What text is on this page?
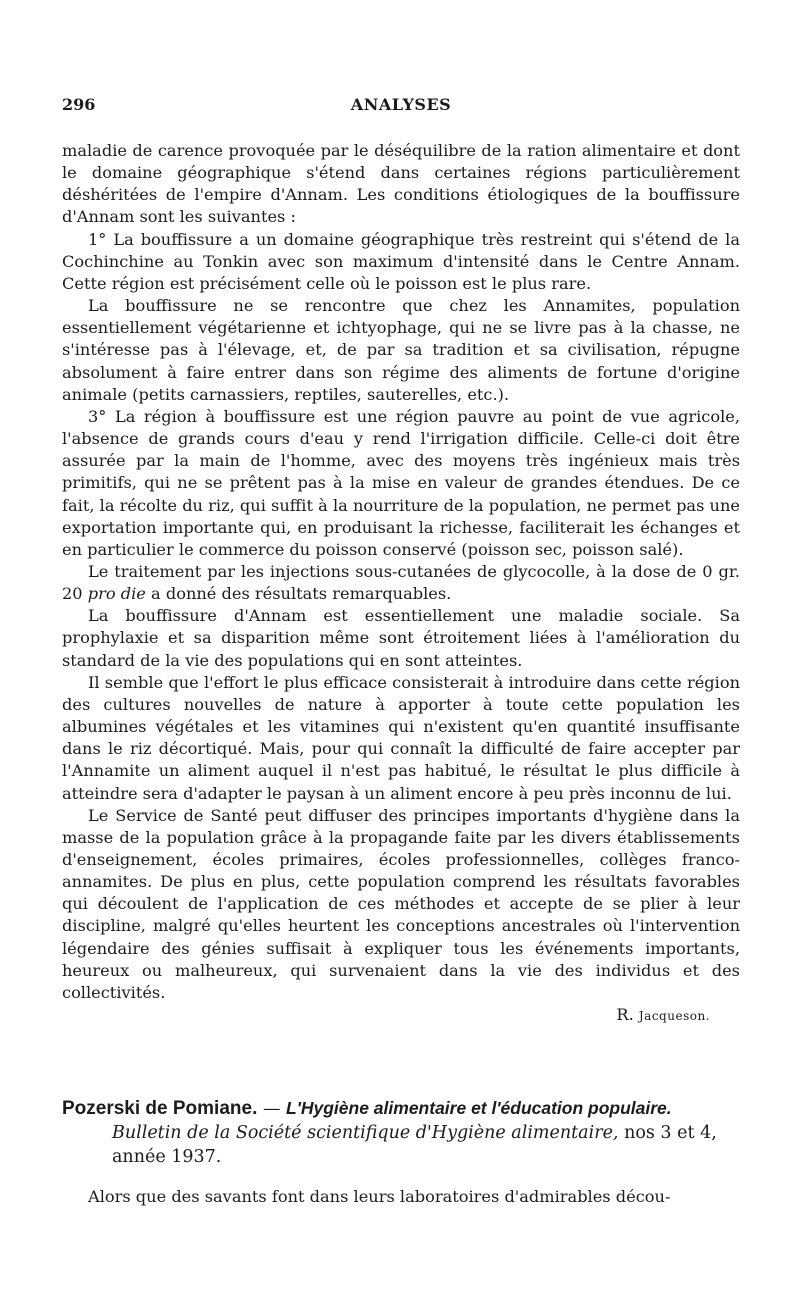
296	ANALYSES

maladie de carence provoquée par le déséquilibre de la ration alimentaire et dont le domaine géographique s'étend dans certaines régions particulièrement déshéritées de l'empire d'Annam. Les conditions étiologiques de la bouffissure d'Annam sont les suivantes :

1° La bouffissure a un domaine géographique très restreint qui s'étend de la Cochinchine au Tonkin avec son maximum d'intensité dans le Centre Annam. Cette région est précisément celle où le poisson est le plus rare.

La bouffissure ne se rencontre que chez les Annamites, population essentiellement végétarienne et ichtyophage, qui ne se livre pas à la chasse, ne s'intéresse pas à l'élevage, et, de par sa tradition et sa civilisation, répugne absolument à faire entrer dans son régime des aliments de fortune d'origine animale (petits carnassiers, reptiles, sauterelles, etc.).

3° La région à bouffissure est une région pauvre au point de vue agricole, l'absence de grands cours d'eau y rend l'irrigation difficile. Celle-ci doit être assurée par la main de l'homme, avec des moyens très ingénieux mais très primitifs, qui ne se prêtent pas à la mise en valeur de grandes étendues. De ce fait, la récolte du riz, qui suffit à la nourriture de la population, ne permet pas une exportation importante qui, en produisant la richesse, faciliterait les échanges et en particulier le commerce du poisson conservé (poisson sec, poisson salé).

Le traitement par les injections sous-cutanées de glycocolle, à la dose de 0 gr. 20 pro die a donné des résultats remarquables.

La bouffissure d'Annam est essentiellement une maladie sociale. Sa prophylaxie et sa disparition même sont étroitement liées à l'amélioration du standard de la vie des populations qui en sont atteintes.

Il semble que l'effort le plus efficace consisterait à introduire dans cette région des cultures nouvelles de nature à apporter à toute cette population les albumines végétales et les vitamines qui n'existent qu'en quantité insuffisante dans le riz décortiqué. Mais, pour qui connaît la difficulté de faire accepter par l'Annamite un aliment auquel il n'est pas habitué, le résultat le plus difficile à atteindre sera d'adapter le paysan à un aliment encore à peu près inconnu de lui.

Le Service de Santé peut diffuser des principes importants d'hygiène dans la masse de la population grâce à la propagande faite par les divers établissements d'enseignement, écoles primaires, écoles professionnelles, collèges franco-annamites. De plus en plus, cette population comprend les résultats favorables qui découlent de l'application de ces méthodes et accepte de se plier à leur discipline, malgré qu'elles heurtent les conceptions ancestrales où l'intervention légendaire des génies suffisait à expliquer tous les événements importants, heureux ou malheureux, qui survenaient dans la vie des individus et des collectivités.

R. Jacqueson.
Pozerski de Pomiane. — L'Hygiène alimentaire et l'éducation populaire. Bulletin de la Société scientifique d'Hygiène alimentaire, nos 3 et 4, année 1937.
Alors que des savants font dans leurs laboratoires d'admirables décou-
